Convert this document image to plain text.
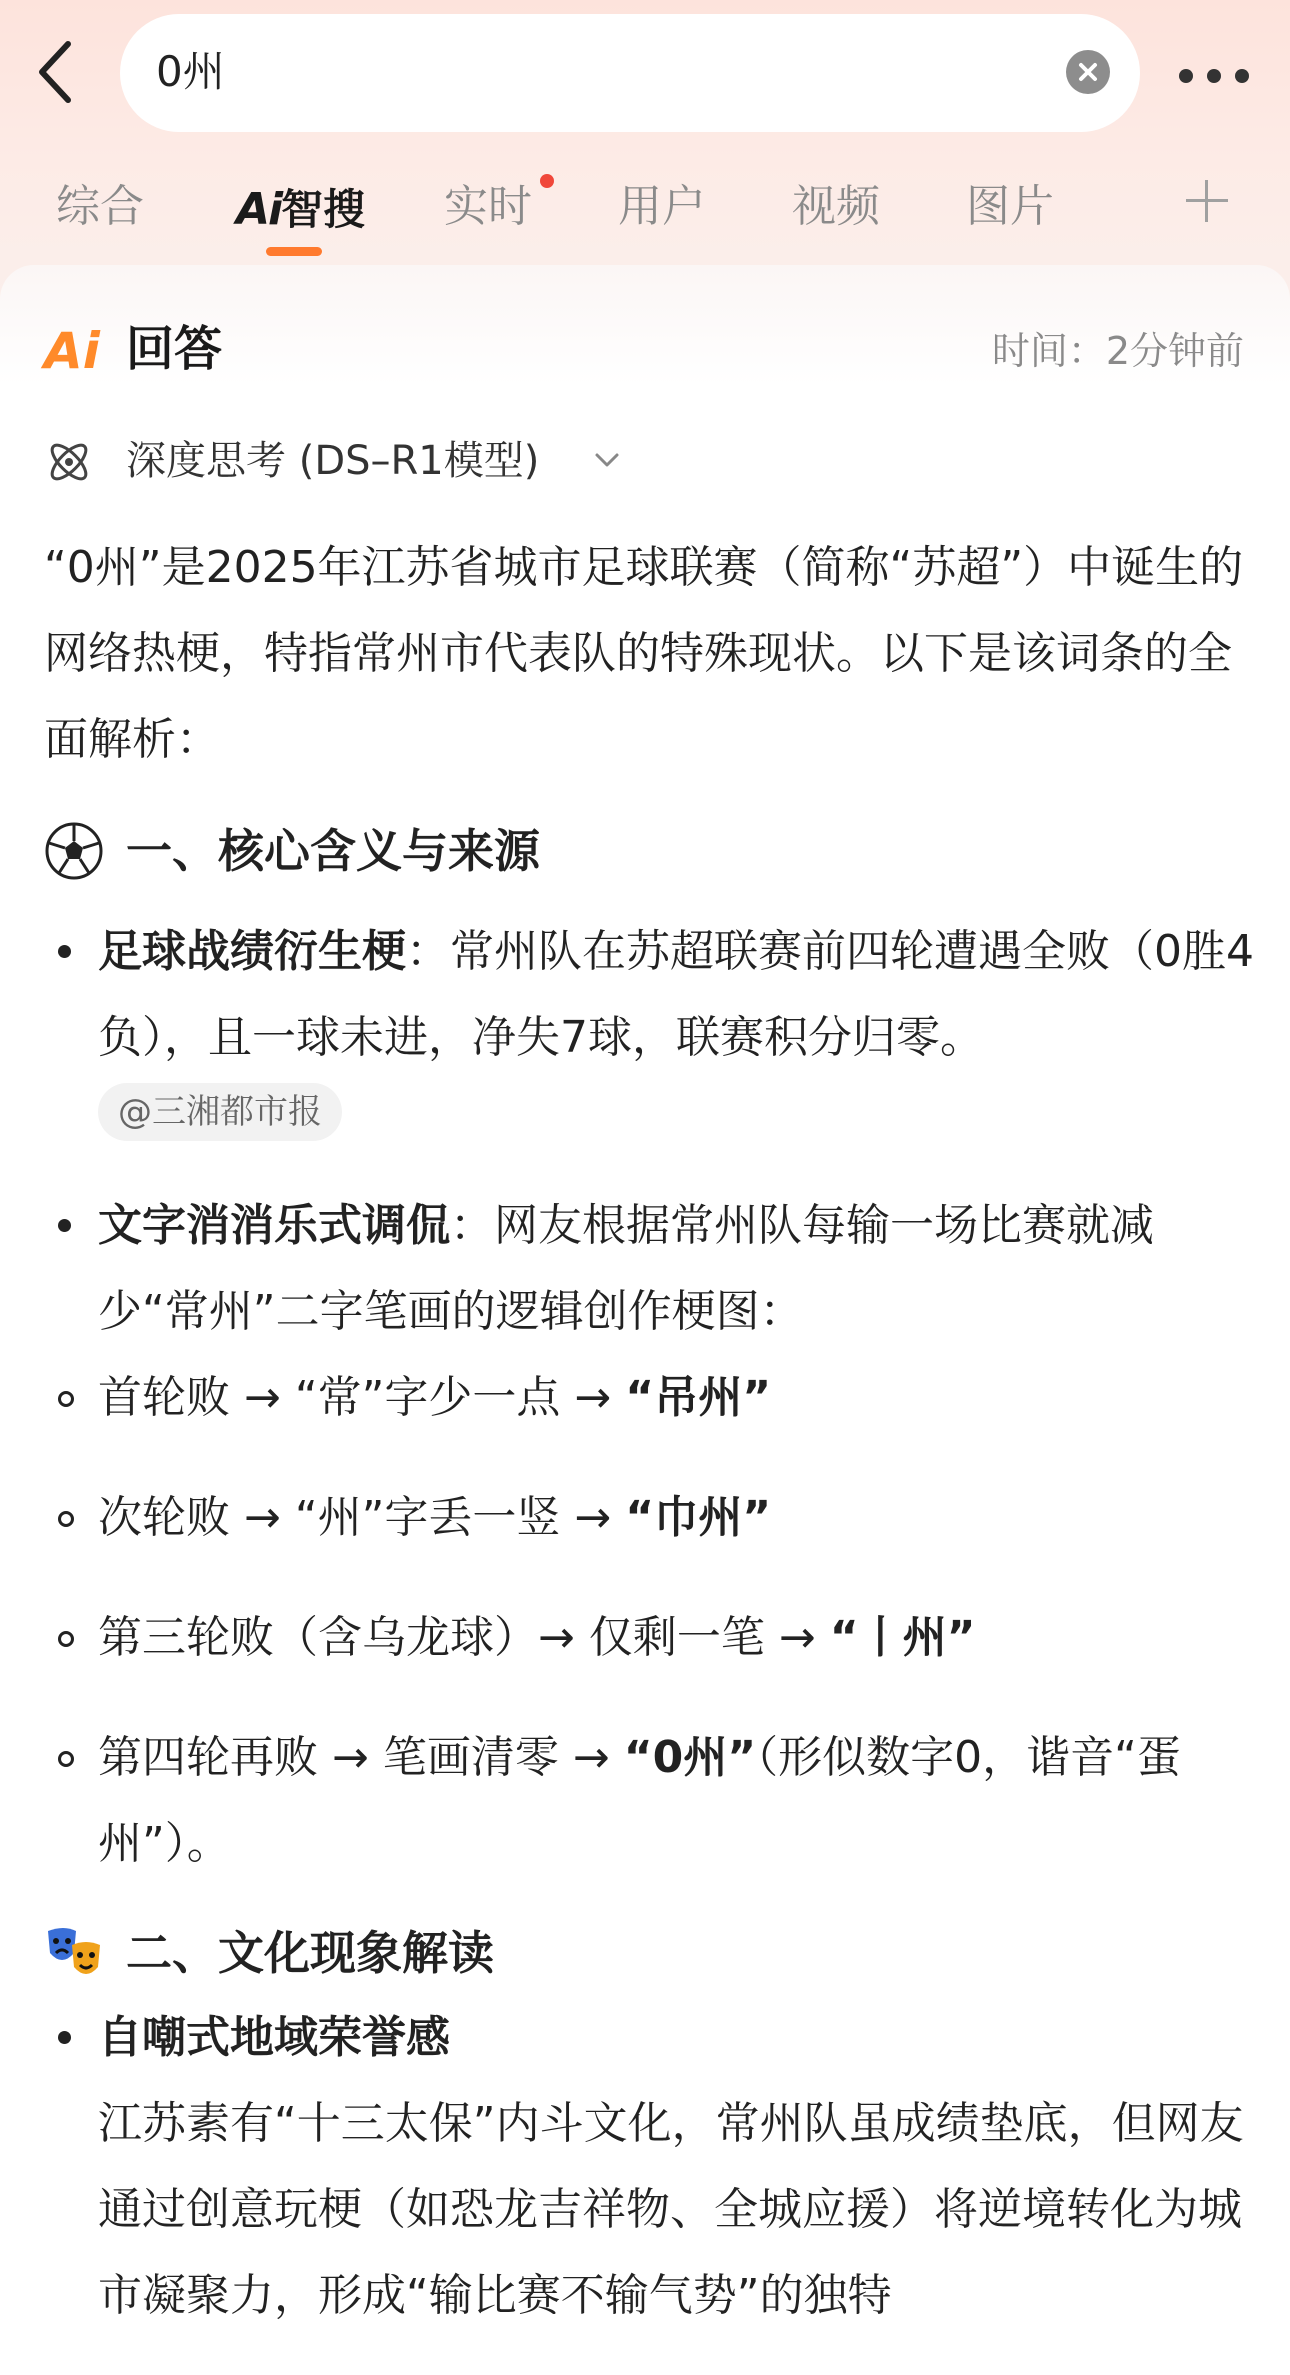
0州
综合 Ai智搜 实时 用户 视频 图片
Ai 回答	时间：2分钟前
深度思考 (DS–R1模型)

“0州”是2025年江苏省城市足球联赛（简称“苏超”）中诞生的网络热梗，特指常州市代表队的特殊现状。以下是该词条的全面解析：

一、核心含义与来源
足球战绩衍生梗：常州队在苏超联赛前四轮遭遇全败（0胜4负），且一球未进，净失7球，联赛积分归零。
@三湘都市报
文字消消乐式调侃：网友根据常州队每输一场比赛就减少“常州”二字笔画的逻辑创作梗图：
首轮败 → “常”字少一点 → “吊州”
次轮败 → “州”字丢一竖 → “巾州”
第三轮败（含乌龙球）→ 仅剩一笔 → “丨州”
第四轮再败 → 笔画清零 → “0州”（形似数字0，谐音“蛋州”）。
二、文化现象解读
自嘲式地域荣誉感
江苏素有“十三太保”内斗文化，常州队虽成绩垫底，但网友通过创意玩梗（如恐龙吉祥物、全城应援）将逆境转化为城市凝聚力，形成“输比赛不输气势”的独特
